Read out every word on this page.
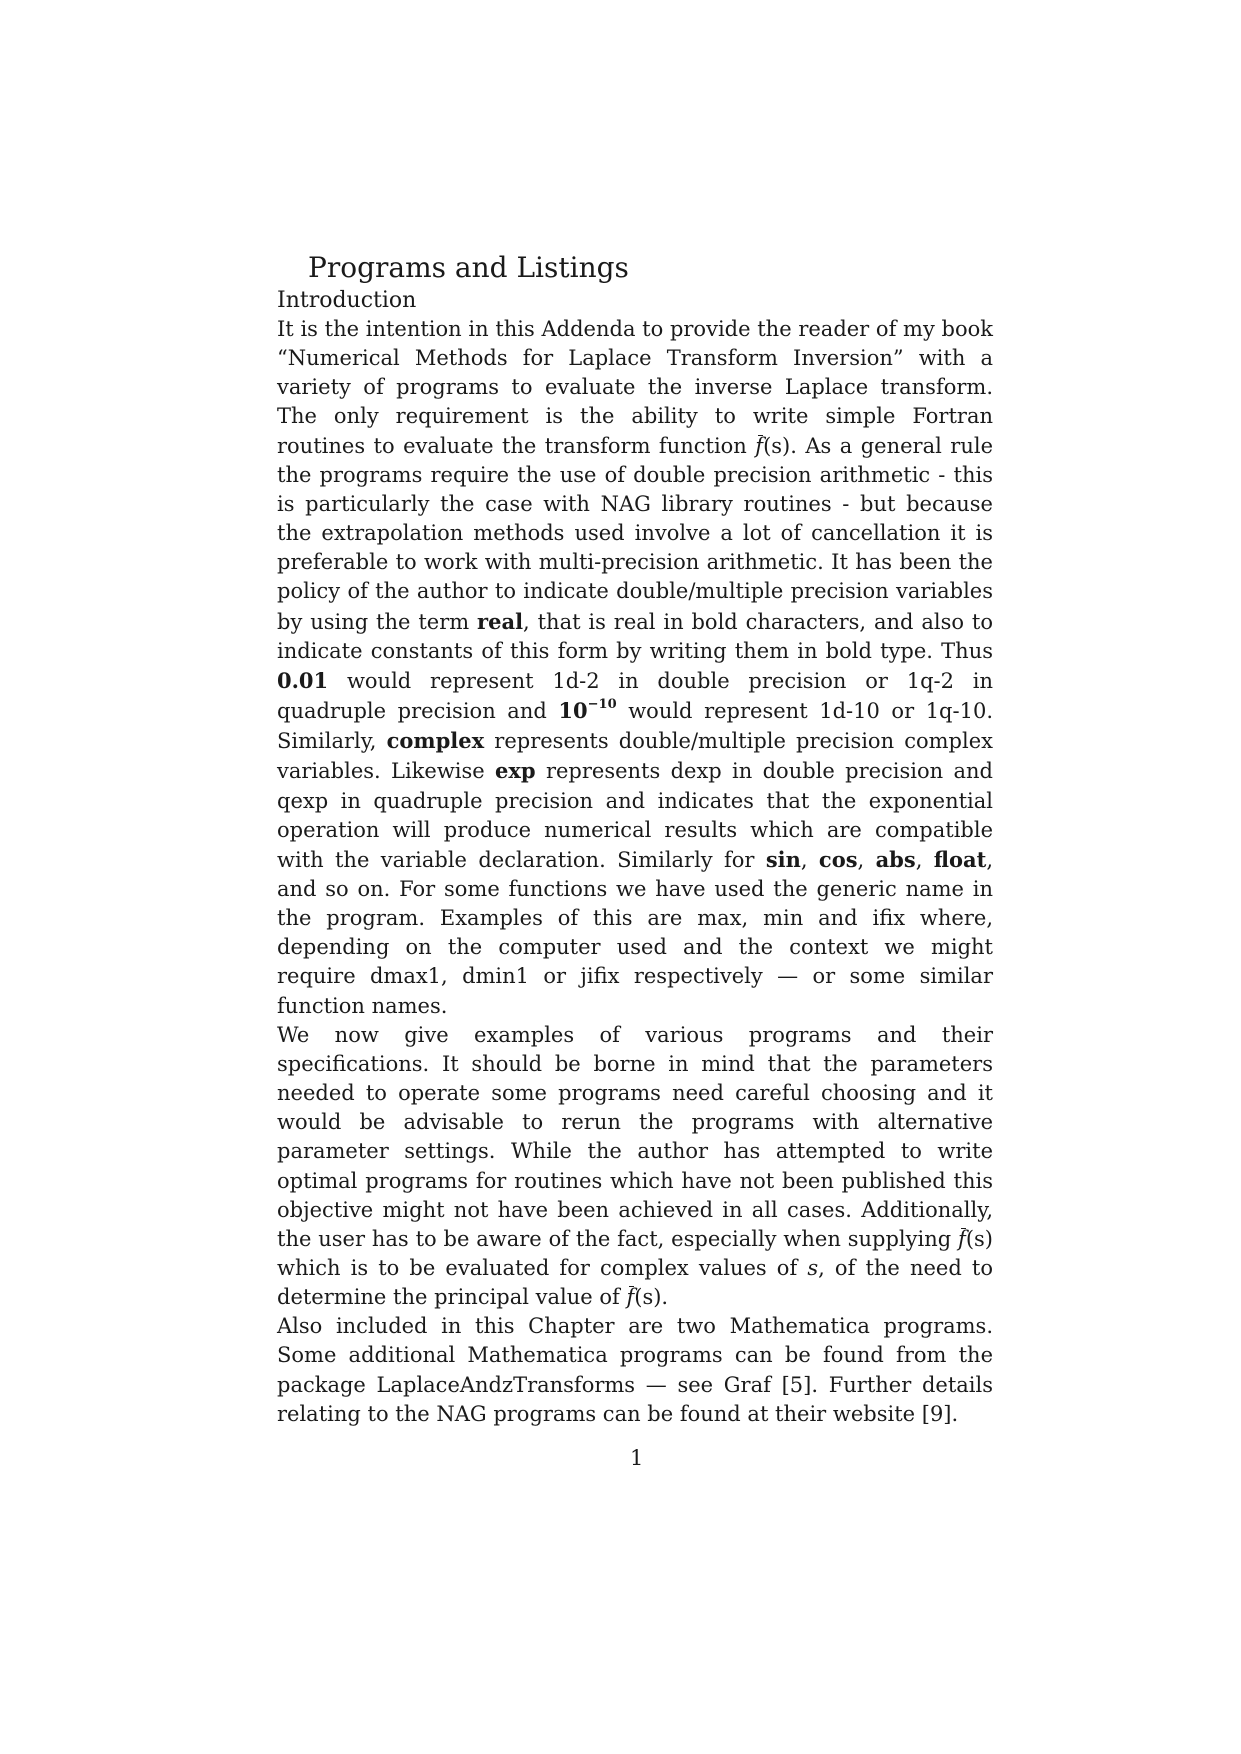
Programs and Listings
Introduction

It is the intention in this Addenda to provide the reader of my book “Numerical Methods for Laplace Transform Inversion” with a variety of programs to evaluate the inverse Laplace transform. The only requirement is the ability to write simple Fortran routines to evaluate the transform function f(s). As a general rule the programs require the use of double precision arithmetic - this is particularly the case with NAG library routines - but because the extrapolation methods used involve a lot of cancellation it is preferable to work with multi-precision arithmetic. It has been the policy of the author to indicate double/multiple precision variables by using the term real, that is real in bold characters, and also to indicate constants of this form by writing them in bold type. Thus 0.01 would represent 1d-2 in double precision or 1q-2 in quadruple precision and $10^{-10}$ would represent 1d-10 or 1q-10. Similarly, complex represents double/multiple precision complex variables. Likewise exp represents dexp in double precision and qexp in quadruple precision and indicates that the exponential operation will produce numerical results which are compatible with the variable declaration. Similarly for sin, cos, abs, float, and so on. For some functions we have used the generic name in the program. Examples of this are max, min and ifix where, depending on the computer used and the context we might require dmax1, dmin1 or jifix respectively — or some similar function names.

We now give examples of various programs and their specifications. It should be borne in mind that the parameters needed to operate some programs need careful choosing and it would be advisable to rerun the programs with alternative parameter settings. While the author has attempted to write optimal programs for routines which have not been published this objective might not have been achieved in all cases. Additionally, the user has to be aware of the fact, especially when supplying f(s) which is to be evaluated for complex values of s, of the need to determine the principal value of f(s).

Also included in this Chapter are two Mathematica programs. Some additional Mathematica programs can be found from the package LaplaceAndzTransforms — see Graf [5]. Further details relating to the NAG programs can be found at their website [9].

1
